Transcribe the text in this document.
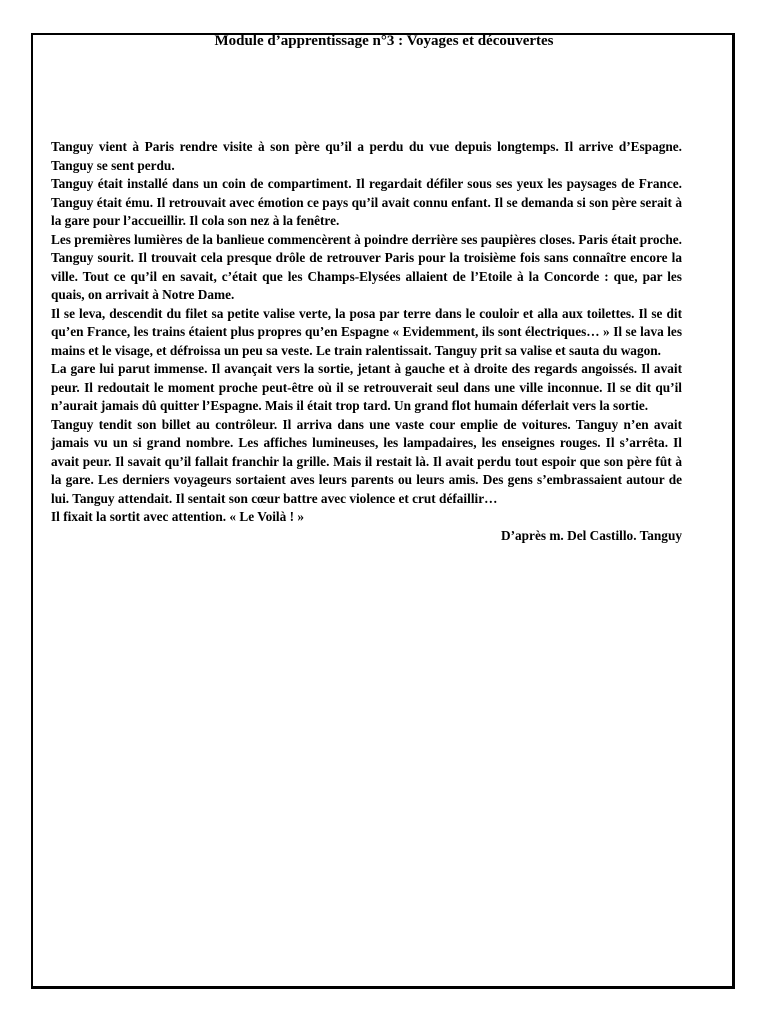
Module d’apprentissage n°3 : Voyages et découvertes

Tanguy vient à Paris rendre visite à son père qu’il a perdu du vue depuis longtemps. Il arrive d’Espagne. Tanguy se sent perdu.

Tanguy était installé dans un coin de compartiment. Il regardait défiler sous ses yeux les paysages de France. Tanguy était ému. Il retrouvait avec émotion ce pays qu’il avait connu enfant. Il se demanda si son père serait à la gare pour l’accueillir. Il cola son nez à la fenêtre.

Les premières lumières de la banlieue commencèrent à poindre derrière ses paupières closes. Paris était proche. Tanguy sourit. Il trouvait cela presque drôle de retrouver Paris pour la troisième fois sans connaître encore la ville. Tout ce qu’il en savait, c’était que les Champs-Elysées allaient de l’Etoile à la Concorde : que, par les quais, on arrivait à Notre Dame.

Il se leva, descendit du filet sa petite valise verte, la posa par terre dans le couloir et alla aux toilettes. Il se dit qu’en France, les trains étaient plus propres qu’en Espagne « Evidemment, ils sont électriques… » Il se lava les mains et le visage, et défroissa un peu sa veste. Le train ralentissait. Tanguy prit sa valise et sauta du wagon.

La gare lui parut immense. Il avançait vers la sortie, jetant à gauche et à droite des regards angoissés. Il avait peur. Il redoutait le moment proche peut-être où il se retrouverait seul dans une ville inconnue. Il se dit qu’il n’aurait jamais dû quitter l’Espagne. Mais il était trop tard. Un grand flot humain déferlait vers la sortie.

Tanguy tendit son billet au contrôleur. Il arriva dans une vaste cour emplie de voitures. Tanguy n’en avait jamais vu un si grand nombre. Les affiches lumineuses, les lampadaires, les enseignes rouges. Il s’arrêta. Il avait peur. Il savait qu’il fallait franchir la grille. Mais il restait là. Il avait perdu tout espoir que son père fût à la gare. Les derniers voyageurs sortaient aves leurs parents ou leurs amis. Des gens s’embrassaient autour de lui. Tanguy attendait. Il sentait son cœur battre avec violence et crut défaillir…

Il fixait la sortit avec attention. « Le Voilà ! »

D’après m. Del Castillo. Tanguy
